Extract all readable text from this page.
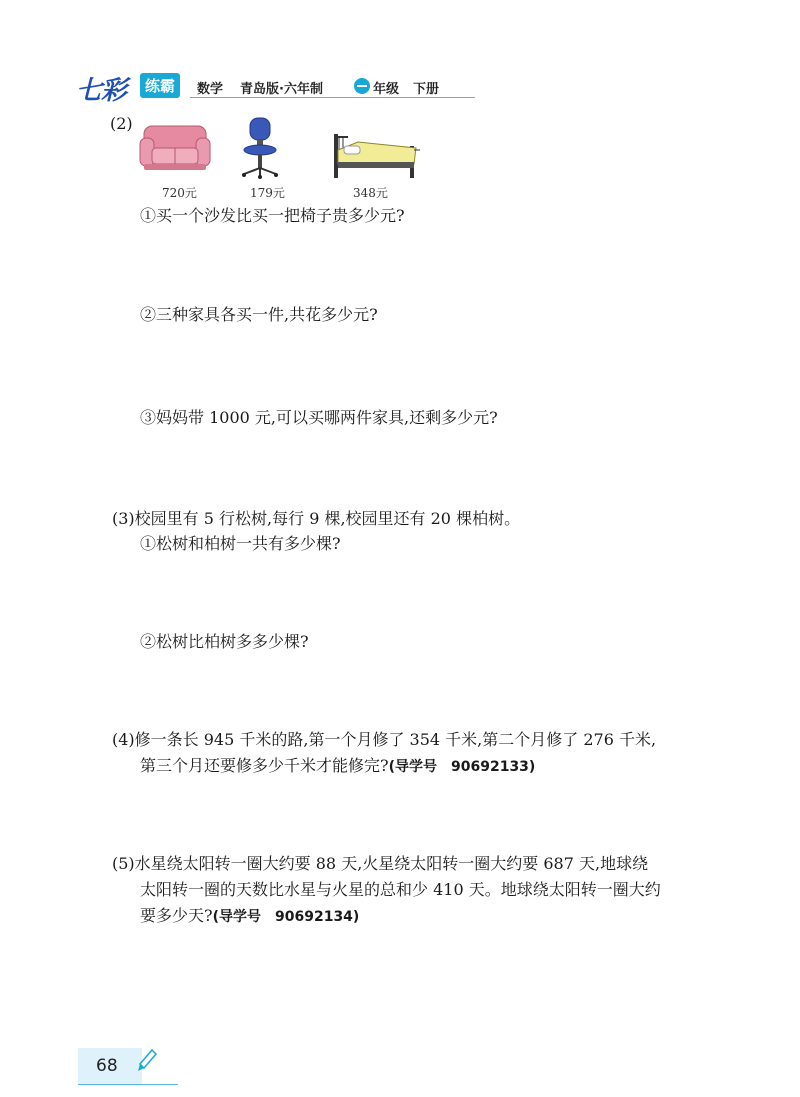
七彩	练霸	数学 青岛版·六年制	年级 下册
(2)
720元	179元	348元
①买一个沙发比买一把椅子贵多少元?
②三种家具各买一件,共花多少元?
③妈妈带 1000 元,可以买哪两件家具,还剩多少元?
(3)校园里有 5 行松树,每行 9 棵,校园里还有 20 棵柏树。
①松树和柏树一共有多少棵?
②松树比柏树多多少棵?
(4)修一条长 945 千米的路,第一个月修了 354 千米,第二个月修了 276 千米,
第三个月还要修多少千米才能修完?(导学号　90692133)
(5)水星绕太阳转一圈大约要 88 天,火星绕太阳转一圈大约要 687 天,地球绕
太阳转一圈的天数比水星与火星的总和少 410 天。地球绕太阳转一圈大约
要多少天?(导学号　90692134)
68
